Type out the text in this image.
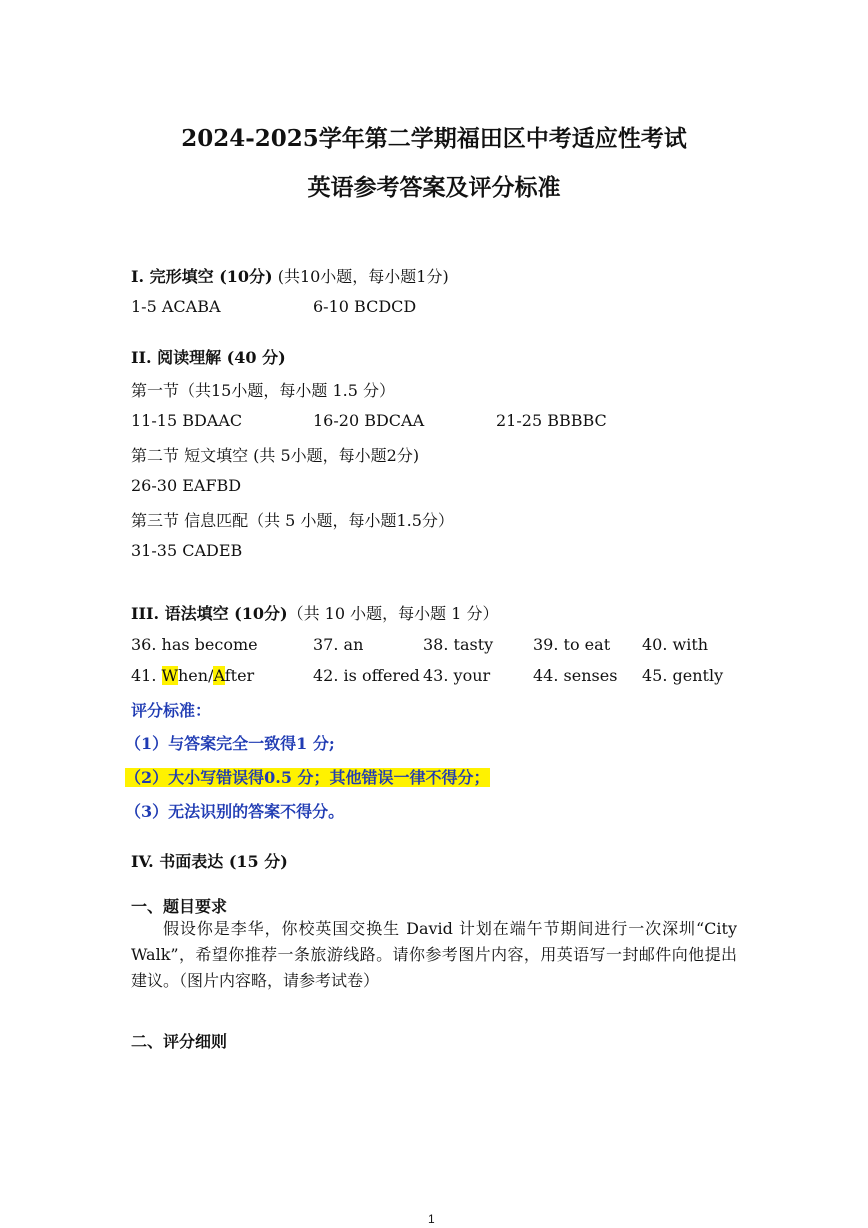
2024-2025学年第二学期福田区中考适应性考试
英语参考答案及评分标准
I. 完形填空 (10分) (共10小题，每小题1分)
1-5 ACABA	6-10 BCDCD
II. 阅读理解 (40 分)
第一节（共15小题，每小题 1.5 分）
11-15 BDAAC	16-20 BDCAA	21-25 BBBBC
第二节 短文填空 (共 5小题，每小题2分)
26-30 EAFBD
第三节 信息匹配（共 5 小题，每小题1.5分）
31-35 CADEB
III. 语法填空 (10分)（共 10 小题，每小题 1 分）
36. has become	37. an	38. tasty 39. to eat 40. with
41. When/After	42. is offered 43. your	44. senses 45. gently
评分标准：
（1）与答案完全一致得1 分;
（2）大小写错误得0.5 分；其他错误一律不得分；
（3）无法识别的答案不得分。
IV. 书面表达 (15 分)
一、题目要求
假设你是李华，你校英国交换生 David 计划在端午节期间进行一次深圳“City Walk”，希望你推荐一条旅游线路。请你参考图片内容，用英语写一封邮件向他提出建议。（图片内容略，请参考试卷）
二、评分细则
1
